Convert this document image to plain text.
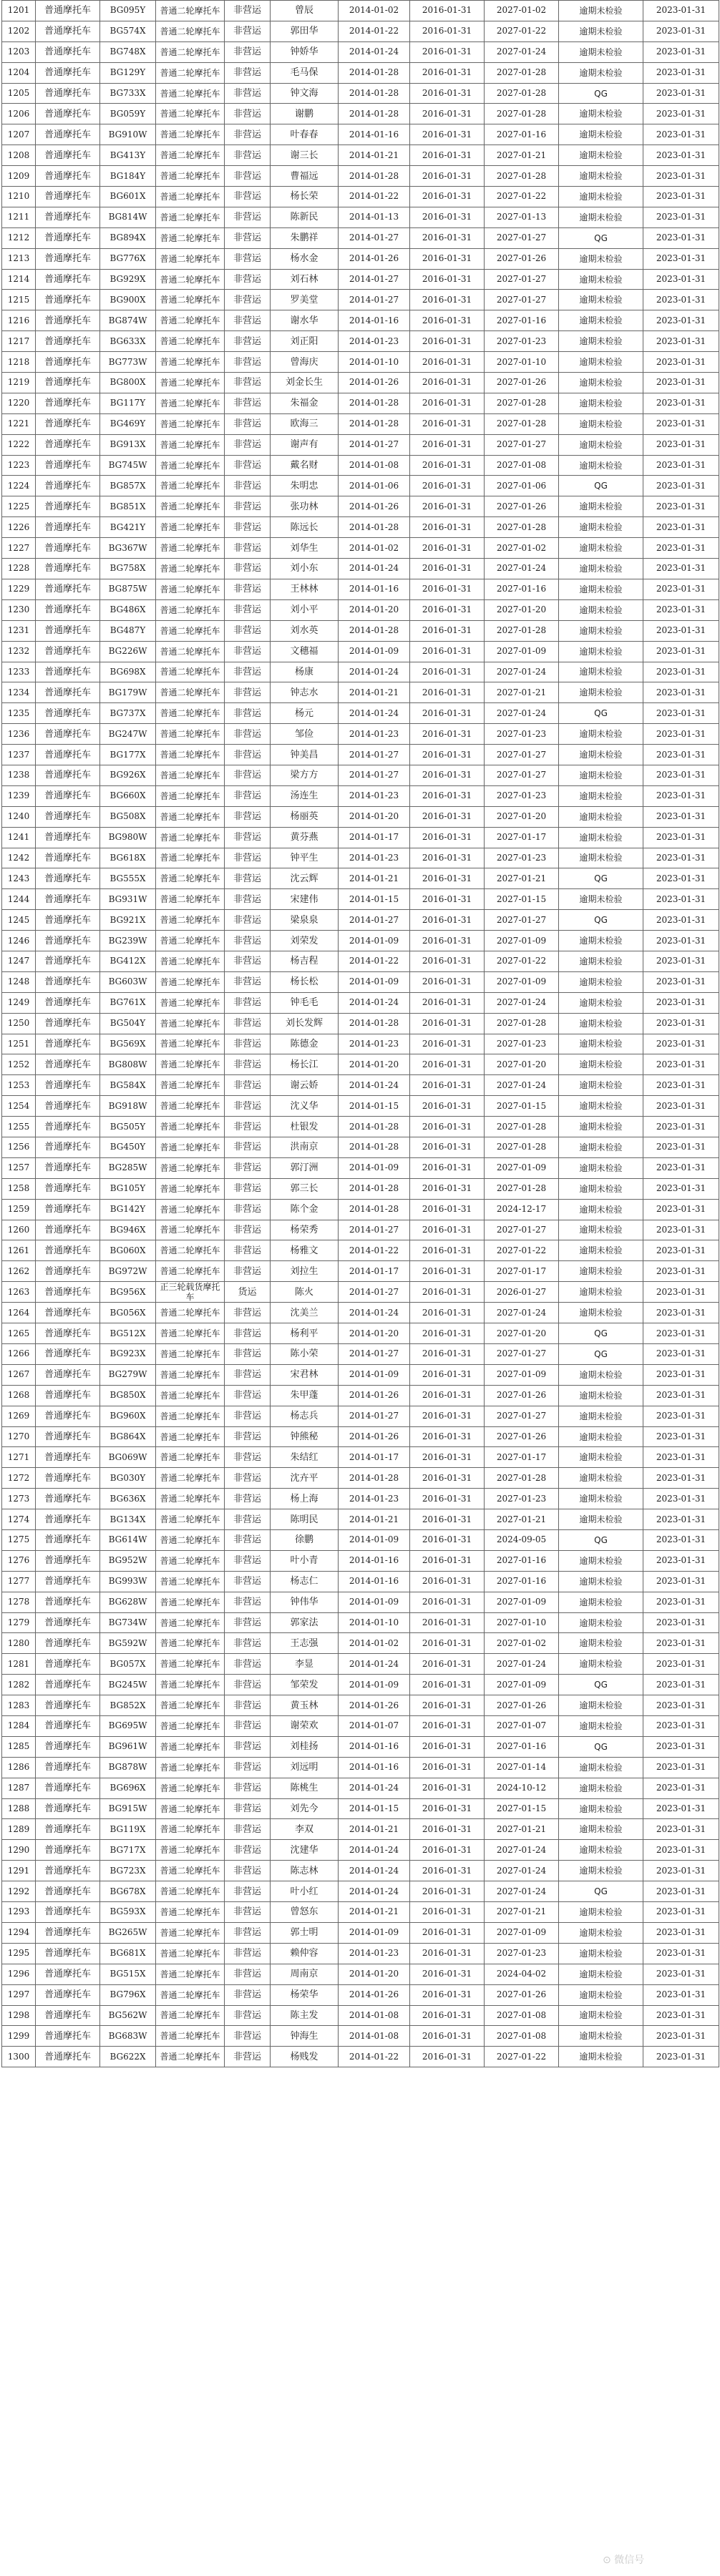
1201	普通摩托车	BG095Y	普通二轮摩托车	非营运	曾辰	2014-01-02	2016-01-31	2027-01-02	逾期未检验	2023-01-31
1202	普通摩托车	BG574X	普通二轮摩托车	非营运	郭田华	2014-01-22	2016-01-31	2027-01-22	逾期未检验	2023-01-31
1203	普通摩托车	BG748X	普通二轮摩托车	非营运	钟娇华	2014-01-24	2016-01-31	2027-01-24	逾期未检验	2023-01-31
1204	普通摩托车	BG129Y	普通二轮摩托车	非营运	毛马保	2014-01-28	2016-01-31	2027-01-28	逾期未检验	2023-01-31
1205	普通摩托车	BG733X	普通二轮摩托车	非营运	钟文海	2014-01-28	2016-01-31	2027-01-28	QG	2023-01-31
1206	普通摩托车	BG059Y	普通二轮摩托车	非营运	谢鹏	2014-01-28	2016-01-31	2027-01-28	逾期未检验	2023-01-31
1207	普通摩托车	BG910W	普通二轮摩托车	非营运	叶春春	2014-01-16	2016-01-31	2027-01-16	逾期未检验	2023-01-31
1208	普通摩托车	BG413Y	普通二轮摩托车	非营运	谢三长	2014-01-21	2016-01-31	2027-01-21	逾期未检验	2023-01-31
1209	普通摩托车	BG184Y	普通二轮摩托车	非营运	曹福远	2014-01-28	2016-01-31	2027-01-28	逾期未检验	2023-01-31
1210	普通摩托车	BG601X	普通二轮摩托车	非营运	杨长荣	2014-01-22	2016-01-31	2027-01-22	逾期未检验	2023-01-31
1211	普通摩托车	BG814W	普通二轮摩托车	非营运	陈新民	2014-01-13	2016-01-31	2027-01-13	逾期未检验	2023-01-31
1212	普通摩托车	BG894X	普通二轮摩托车	非营运	朱鹏祥	2014-01-27	2016-01-31	2027-01-27	QG	2023-01-31
1213	普通摩托车	BG776X	普通二轮摩托车	非营运	杨水金	2014-01-26	2016-01-31	2027-01-26	逾期未检验	2023-01-31
1214	普通摩托车	BG929X	普通二轮摩托车	非营运	刘石林	2014-01-27	2016-01-31	2027-01-27	逾期未检验	2023-01-31
1215	普通摩托车	BG900X	普通二轮摩托车	非营运	罗美堂	2014-01-27	2016-01-31	2027-01-27	逾期未检验	2023-01-31
1216	普通摩托车	BG874W	普通二轮摩托车	非营运	谢水华	2014-01-16	2016-01-31	2027-01-16	逾期未检验	2023-01-31
1217	普通摩托车	BG633X	普通二轮摩托车	非营运	刘正阳	2014-01-23	2016-01-31	2027-01-23	逾期未检验	2023-01-31
1218	普通摩托车	BG773W	普通二轮摩托车	非营运	曾海庆	2014-01-10	2016-01-31	2027-01-10	逾期未检验	2023-01-31
1219	普通摩托车	BG800X	普通二轮摩托车	非营运	刘金长生	2014-01-26	2016-01-31	2027-01-26	逾期未检验	2023-01-31
1220	普通摩托车	BG117Y	普通二轮摩托车	非营运	朱福金	2014-01-28	2016-01-31	2027-01-28	逾期未检验	2023-01-31
1221	普通摩托车	BG469Y	普通二轮摩托车	非营运	欧海三	2014-01-28	2016-01-31	2027-01-28	逾期未检验	2023-01-31
1222	普通摩托车	BG913X	普通二轮摩托车	非营运	谢声有	2014-01-27	2016-01-31	2027-01-27	逾期未检验	2023-01-31
1223	普通摩托车	BG745W	普通二轮摩托车	非营运	戴名财	2014-01-08	2016-01-31	2027-01-08	逾期未检验	2023-01-31
1224	普通摩托车	BG857X	普通二轮摩托车	非营运	朱明忠	2014-01-06	2016-01-31	2027-01-06	QG	2023-01-31
1225	普通摩托车	BG851X	普通二轮摩托车	非营运	张功林	2014-01-26	2016-01-31	2027-01-26	逾期未检验	2023-01-31
1226	普通摩托车	BG421Y	普通二轮摩托车	非营运	陈远长	2014-01-28	2016-01-31	2027-01-28	逾期未检验	2023-01-31
1227	普通摩托车	BG367W	普通二轮摩托车	非营运	刘华生	2014-01-02	2016-01-31	2027-01-02	逾期未检验	2023-01-31
1228	普通摩托车	BG758X	普通二轮摩托车	非营运	刘小东	2014-01-24	2016-01-31	2027-01-24	逾期未检验	2023-01-31
1229	普通摩托车	BG875W	普通二轮摩托车	非营运	王林林	2014-01-16	2016-01-31	2027-01-16	逾期未检验	2023-01-31
1230	普通摩托车	BG486X	普通二轮摩托车	非营运	刘小平	2014-01-20	2016-01-31	2027-01-20	逾期未检验	2023-01-31
1231	普通摩托车	BG487Y	普通二轮摩托车	非营运	刘水英	2014-01-28	2016-01-31	2027-01-28	逾期未检验	2023-01-31
1232	普通摩托车	BG226W	普通二轮摩托车	非营运	文穗福	2014-01-09	2016-01-31	2027-01-09	逾期未检验	2023-01-31
1233	普通摩托车	BG698X	普通二轮摩托车	非营运	杨康	2014-01-24	2016-01-31	2027-01-24	逾期未检验	2023-01-31
1234	普通摩托车	BG179W	普通二轮摩托车	非营运	钟志水	2014-01-21	2016-01-31	2027-01-21	逾期未检验	2023-01-31
1235	普通摩托车	BG737X	普通二轮摩托车	非营运	杨元	2014-01-24	2016-01-31	2027-01-24	QG	2023-01-31
1236	普通摩托车	BG247W	普通二轮摩托车	非营运	邹俭	2014-01-23	2016-01-31	2027-01-23	逾期未检验	2023-01-31
1237	普通摩托车	BG177X	普通二轮摩托车	非营运	钟美昌	2014-01-27	2016-01-31	2027-01-27	逾期未检验	2023-01-31
1238	普通摩托车	BG926X	普通二轮摩托车	非营运	梁方方	2014-01-27	2016-01-31	2027-01-27	逾期未检验	2023-01-31
1239	普通摩托车	BG660X	普通二轮摩托车	非营运	汤连生	2014-01-23	2016-01-31	2027-01-23	逾期未检验	2023-01-31
1240	普通摩托车	BG508X	普通二轮摩托车	非营运	杨丽英	2014-01-20	2016-01-31	2027-01-20	逾期未检验	2023-01-31
1241	普通摩托车	BG980W	普通二轮摩托车	非营运	黄芬燕	2014-01-17	2016-01-31	2027-01-17	逾期未检验	2023-01-31
1242	普通摩托车	BG618X	普通二轮摩托车	非营运	钟平生	2014-01-23	2016-01-31	2027-01-23	逾期未检验	2023-01-31
1243	普通摩托车	BG555X	普通二轮摩托车	非营运	沈云辉	2014-01-21	2016-01-31	2027-01-21	QG	2023-01-31
1244	普通摩托车	BG931W	普通二轮摩托车	非营运	宋建伟	2014-01-15	2016-01-31	2027-01-15	逾期未检验	2023-01-31
1245	普通摩托车	BG921X	普通二轮摩托车	非营运	梁泉泉	2014-01-27	2016-01-31	2027-01-27	QG	2023-01-31
1246	普通摩托车	BG239W	普通二轮摩托车	非营运	刘荣发	2014-01-09	2016-01-31	2027-01-09	逾期未检验	2023-01-31
1247	普通摩托车	BG412X	普通二轮摩托车	非营运	杨吉程	2014-01-22	2016-01-31	2027-01-22	逾期未检验	2023-01-31
1248	普通摩托车	BG603W	普通二轮摩托车	非营运	杨长松	2014-01-09	2016-01-31	2027-01-09	逾期未检验	2023-01-31
1249	普通摩托车	BG761X	普通二轮摩托车	非营运	钟毛毛	2014-01-24	2016-01-31	2027-01-24	逾期未检验	2023-01-31
1250	普通摩托车	BG504Y	普通二轮摩托车	非营运	刘长发辉	2014-01-28	2016-01-31	2027-01-28	逾期未检验	2023-01-31
1251	普通摩托车	BG569X	普通二轮摩托车	非营运	陈德金	2014-01-23	2016-01-31	2027-01-23	逾期未检验	2023-01-31
1252	普通摩托车	BG808W	普通二轮摩托车	非营运	杨长江	2014-01-20	2016-01-31	2027-01-20	逾期未检验	2023-01-31
1253	普通摩托车	BG584X	普通二轮摩托车	非营运	谢云娇	2014-01-24	2016-01-31	2027-01-24	逾期未检验	2023-01-31
1254	普通摩托车	BG918W	普通二轮摩托车	非营运	沈义华	2014-01-15	2016-01-31	2027-01-15	逾期未检验	2023-01-31
1255	普通摩托车	BG505Y	普通二轮摩托车	非营运	杜银发	2014-01-28	2016-01-31	2027-01-28	逾期未检验	2023-01-31
1256	普通摩托车	BG450Y	普通二轮摩托车	非营运	洪南京	2014-01-28	2016-01-31	2027-01-28	逾期未检验	2023-01-31
1257	普通摩托车	BG285W	普通二轮摩托车	非营运	郭汀洲	2014-01-09	2016-01-31	2027-01-09	逾期未检验	2023-01-31
1258	普通摩托车	BG105Y	普通二轮摩托车	非营运	郭三长	2014-01-28	2016-01-31	2027-01-28	逾期未检验	2023-01-31
1259	普通摩托车	BG142Y	普通二轮摩托车	非营运	陈个金	2014-01-28	2016-01-31	2024-12-17	逾期未检验	2023-01-31
1260	普通摩托车	BG946X	普通二轮摩托车	非营运	杨荣秀	2014-01-27	2016-01-31	2027-01-27	逾期未检验	2023-01-31
1261	普通摩托车	BG060X	普通二轮摩托车	非营运	杨雅文	2014-01-22	2016-01-31	2027-01-22	逾期未检验	2023-01-31
1262	普通摩托车	BG972W	普通二轮摩托车	非营运	刘拉生	2014-01-17	2016-01-31	2027-01-17	逾期未检验	2023-01-31
1263	普通摩托车	BG956X	正三轮载货摩托车	货运	陈火	2014-01-27	2016-01-31	2026-01-27	逾期未检验	2023-01-31
1264	普通摩托车	BG056X	普通二轮摩托车	非营运	沈美兰	2014-01-24	2016-01-31	2027-01-24	逾期未检验	2023-01-31
1265	普通摩托车	BG512X	普通二轮摩托车	非营运	杨利平	2014-01-20	2016-01-31	2027-01-20	QG	2023-01-31
1266	普通摩托车	BG923X	普通二轮摩托车	非营运	陈小荣	2014-01-27	2016-01-31	2027-01-27	QG	2023-01-31
1267	普通摩托车	BG279W	普通二轮摩托车	非营运	宋君林	2014-01-09	2016-01-31	2027-01-09	逾期未检验	2023-01-31
1268	普通摩托车	BG850X	普通二轮摩托车	非营运	朱甲蓬	2014-01-26	2016-01-31	2027-01-26	逾期未检验	2023-01-31
1269	普通摩托车	BG960X	普通二轮摩托车	非营运	杨志兵	2014-01-27	2016-01-31	2027-01-27	逾期未检验	2023-01-31
1270	普通摩托车	BG864X	普通二轮摩托车	非营运	钟熊秘	2014-01-26	2016-01-31	2027-01-26	逾期未检验	2023-01-31
1271	普通摩托车	BG069W	普通二轮摩托车	非营运	朱结红	2014-01-17	2016-01-31	2027-01-17	逾期未检验	2023-01-31
1272	普通摩托车	BG030Y	普通二轮摩托车	非营运	沈卉平	2014-01-28	2016-01-31	2027-01-28	逾期未检验	2023-01-31
1273	普通摩托车	BG636X	普通二轮摩托车	非营运	杨上海	2014-01-23	2016-01-31	2027-01-23	逾期未检验	2023-01-31
1274	普通摩托车	BG134X	普通二轮摩托车	非营运	陈明民	2014-01-21	2016-01-31	2027-01-21	逾期未检验	2023-01-31
1275	普通摩托车	BG614W	普通二轮摩托车	非营运	徐鹏	2014-01-09	2016-01-31	2024-09-05	QG	2023-01-31
1276	普通摩托车	BG952W	普通二轮摩托车	非营运	叶小青	2014-01-16	2016-01-31	2027-01-16	逾期未检验	2023-01-31
1277	普通摩托车	BG993W	普通二轮摩托车	非营运	杨志仁	2014-01-16	2016-01-31	2027-01-16	逾期未检验	2023-01-31
1278	普通摩托车	BG628W	普通二轮摩托车	非营运	钟伟华	2014-01-09	2016-01-31	2027-01-09	逾期未检验	2023-01-31
1279	普通摩托车	BG734W	普通二轮摩托车	非营运	郭家法	2014-01-10	2016-01-31	2027-01-10	逾期未检验	2023-01-31
1280	普通摩托车	BG592W	普通二轮摩托车	非营运	王志强	2014-01-02	2016-01-31	2027-01-02	逾期未检验	2023-01-31
1281	普通摩托车	BG057X	普通二轮摩托车	非营运	李显	2014-01-24	2016-01-31	2027-01-24	逾期未检验	2023-01-31
1282	普通摩托车	BG245W	普通二轮摩托车	非营运	邹荣发	2014-01-09	2016-01-31	2027-01-09	QG	2023-01-31
1283	普通摩托车	BG852X	普通二轮摩托车	非营运	黄玉林	2014-01-26	2016-01-31	2027-01-26	逾期未检验	2023-01-31
1284	普通摩托车	BG695W	普通二轮摩托车	非营运	谢荣欢	2014-01-07	2016-01-31	2027-01-07	逾期未检验	2023-01-31
1285	普通摩托车	BG961W	普通二轮摩托车	非营运	刘桂扬	2014-01-16	2016-01-31	2027-01-16	QG	2023-01-31
1286	普通摩托车	BG878W	普通二轮摩托车	非营运	刘远明	2014-01-16	2016-01-31	2027-01-14	逾期未检验	2023-01-31
1287	普通摩托车	BG696X	普通二轮摩托车	非营运	陈桃生	2014-01-24	2016-01-31	2024-10-12	逾期未检验	2023-01-31
1288	普通摩托车	BG915W	普通二轮摩托车	非营运	刘先今	2014-01-15	2016-01-31	2027-01-15	逾期未检验	2023-01-31
1289	普通摩托车	BG119X	普通二轮摩托车	非营运	李双	2014-01-21	2016-01-31	2027-01-21	逾期未检验	2023-01-31
1290	普通摩托车	BG717X	普通二轮摩托车	非营运	沈建华	2014-01-24	2016-01-31	2027-01-24	逾期未检验	2023-01-31
1291	普通摩托车	BG723X	普通二轮摩托车	非营运	陈志林	2014-01-24	2016-01-31	2027-01-24	逾期未检验	2023-01-31
1292	普通摩托车	BG678X	普通二轮摩托车	非营运	叶小红	2014-01-24	2016-01-31	2027-01-24	QG	2023-01-31
1293	普通摩托车	BG593X	普通二轮摩托车	非营运	曾怒东	2014-01-21	2016-01-31	2027-01-21	逾期未检验	2023-01-31
1294	普通摩托车	BG265W	普通二轮摩托车	非营运	郭士明	2014-01-09	2016-01-31	2027-01-09	逾期未检验	2023-01-31
1295	普通摩托车	BG681X	普通二轮摩托车	非营运	赖仲容	2014-01-23	2016-01-31	2027-01-23	逾期未检验	2023-01-31
1296	普通摩托车	BG515X	普通二轮摩托车	非营运	周南京	2014-01-20	2016-01-31	2024-04-02	逾期未检验	2023-01-31
1297	普通摩托车	BG796X	普通二轮摩托车	非营运	杨荣华	2014-01-26	2016-01-31	2027-01-26	逾期未检验	2023-01-31
1298	普通摩托车	BG562W	普通二轮摩托车	非营运	陈主发	2014-01-08	2016-01-31	2027-01-08	逾期未检验	2023-01-31
1299	普通摩托车	BG683W	普通二轮摩托车	非营运	钟海生	2014-01-08	2016-01-31	2027-01-08	逾期未检验	2023-01-31
1300	普通摩托车	BG622X	普通二轮摩托车	非营运	杨贱发	2014-01-22	2016-01-31	2027-01-22	逾期未检验	2023-01-31
⊙ 微信号
